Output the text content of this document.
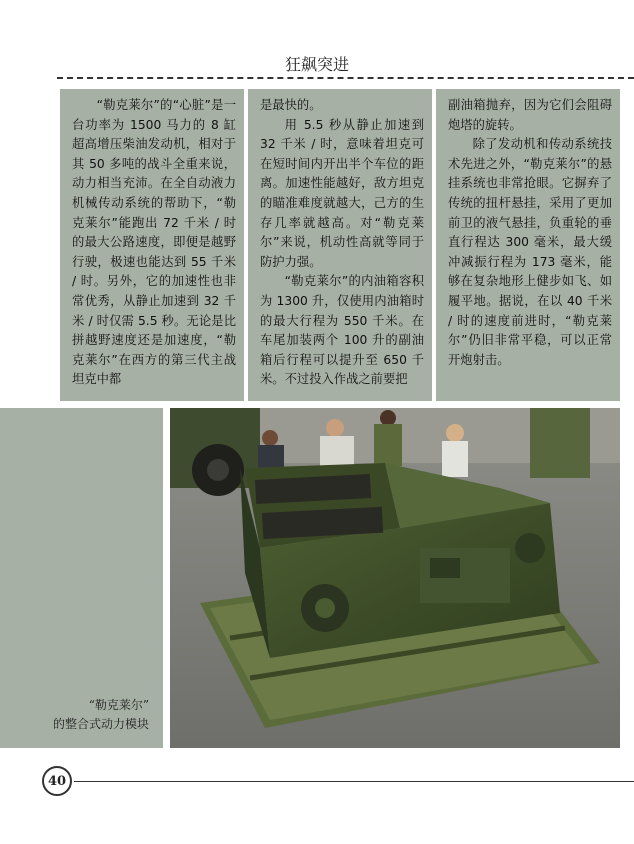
狂飙突进

“勒克莱尔”的“心脏”是一台功率为 1500 马力的 8 缸超高增压柴油发动机，相对于其 50 多吨的战斗全重来说，动力相当充沛。在全自动液力机械传动系统的帮助下，“勒克莱尔”能跑出 72 千米 / 时的最大公路速度，即便是越野行驶，极速也能达到 55 千米 / 时。另外，它的加速性也非常优秀，从静止加速到 32 千米 / 时仅需 5.5 秒。无论是比拼越野速度还是加速度，“勒克莱尔”在西方的第三代主战坦克中都

是最快的。

用 5.5 秒从静止加速到 32 千米 / 时，意味着坦克可在短时间内开出半个车位的距离。加速性能越好，敌方坦克的瞄准难度就越大，己方的生存几率就越高。对“勒克莱尔”来说，机动性高就等同于防护力强。

“勒克莱尔”的内油箱容积为 1300 升，仅使用内油箱时的最大行程为 550 千米。在车尾加装两个 100 升的副油箱后行程可以提升至 650 千米。不过投入作战之前要把

副油箱抛弃，因为它们会阻碍炮塔的旋转。

除了发动机和传动系统技术先进之外，“勒克莱尔”的悬挂系统也非常抢眼。它摒弃了传统的扭杆悬挂，采用了更加前卫的液气悬挂，负重轮的垂直行程达 300 毫米，最大缓冲减振行程为 173 毫米，能够在复杂地形上健步如飞、如履平地。据说，在以 40 千米 / 时的速度前进时，“勒克莱尔”仍旧非常平稳，可以正常开炮射击。

“勒克莱尔”
的整合式动力模块
40
